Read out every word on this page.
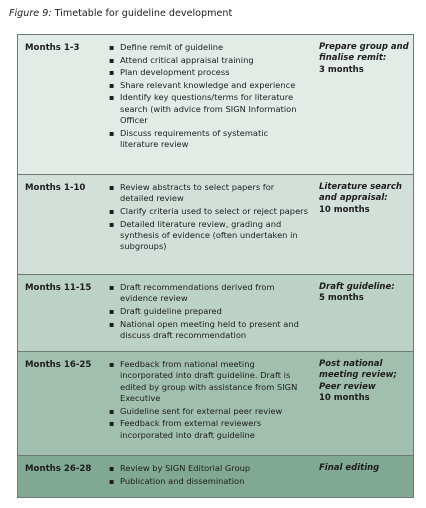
Figure 9: Timetable for guideline development
Months 1-3	▪ Define remit of guideline
▪ Attend critical appraisal training
▪ Plan development process
▪ Share relevant knowledge and experience
▪ Identify key questions/terms for literature search (with advice from SIGN Information Officer
▪ Discuss requirements of systematic literature review
Prepare group and finalise remit:
3 months
Months 1-10	▪ Review abstracts to select papers for detailed review
▪ Clarify criteria used to select or reject papers
▪ Detailed literature review, grading and synthesis of evidence (often undertaken in subgroups)
Literature search and appraisal:
10 months
Months 11-15 ▪ Draft recommendations derived from evidence review
▪ Draft guideline prepared
▪ National open meeting held to present and discuss draft recommendation
Draft guideline:
5 months
Months 16-25 ▪ Feedback from national meeting incorporated into draft guideline. Draft is edited by group with assistance from SIGN Executive
▪ Guideline sent for external peer review
▪ Feedback from external reviewers incorporated into draft guideline
Post national meeting review; Peer review
10 months
Months 26-28 ▪ Review by SIGN Editorial Group
▪ Publication and dissemination
Final editing
